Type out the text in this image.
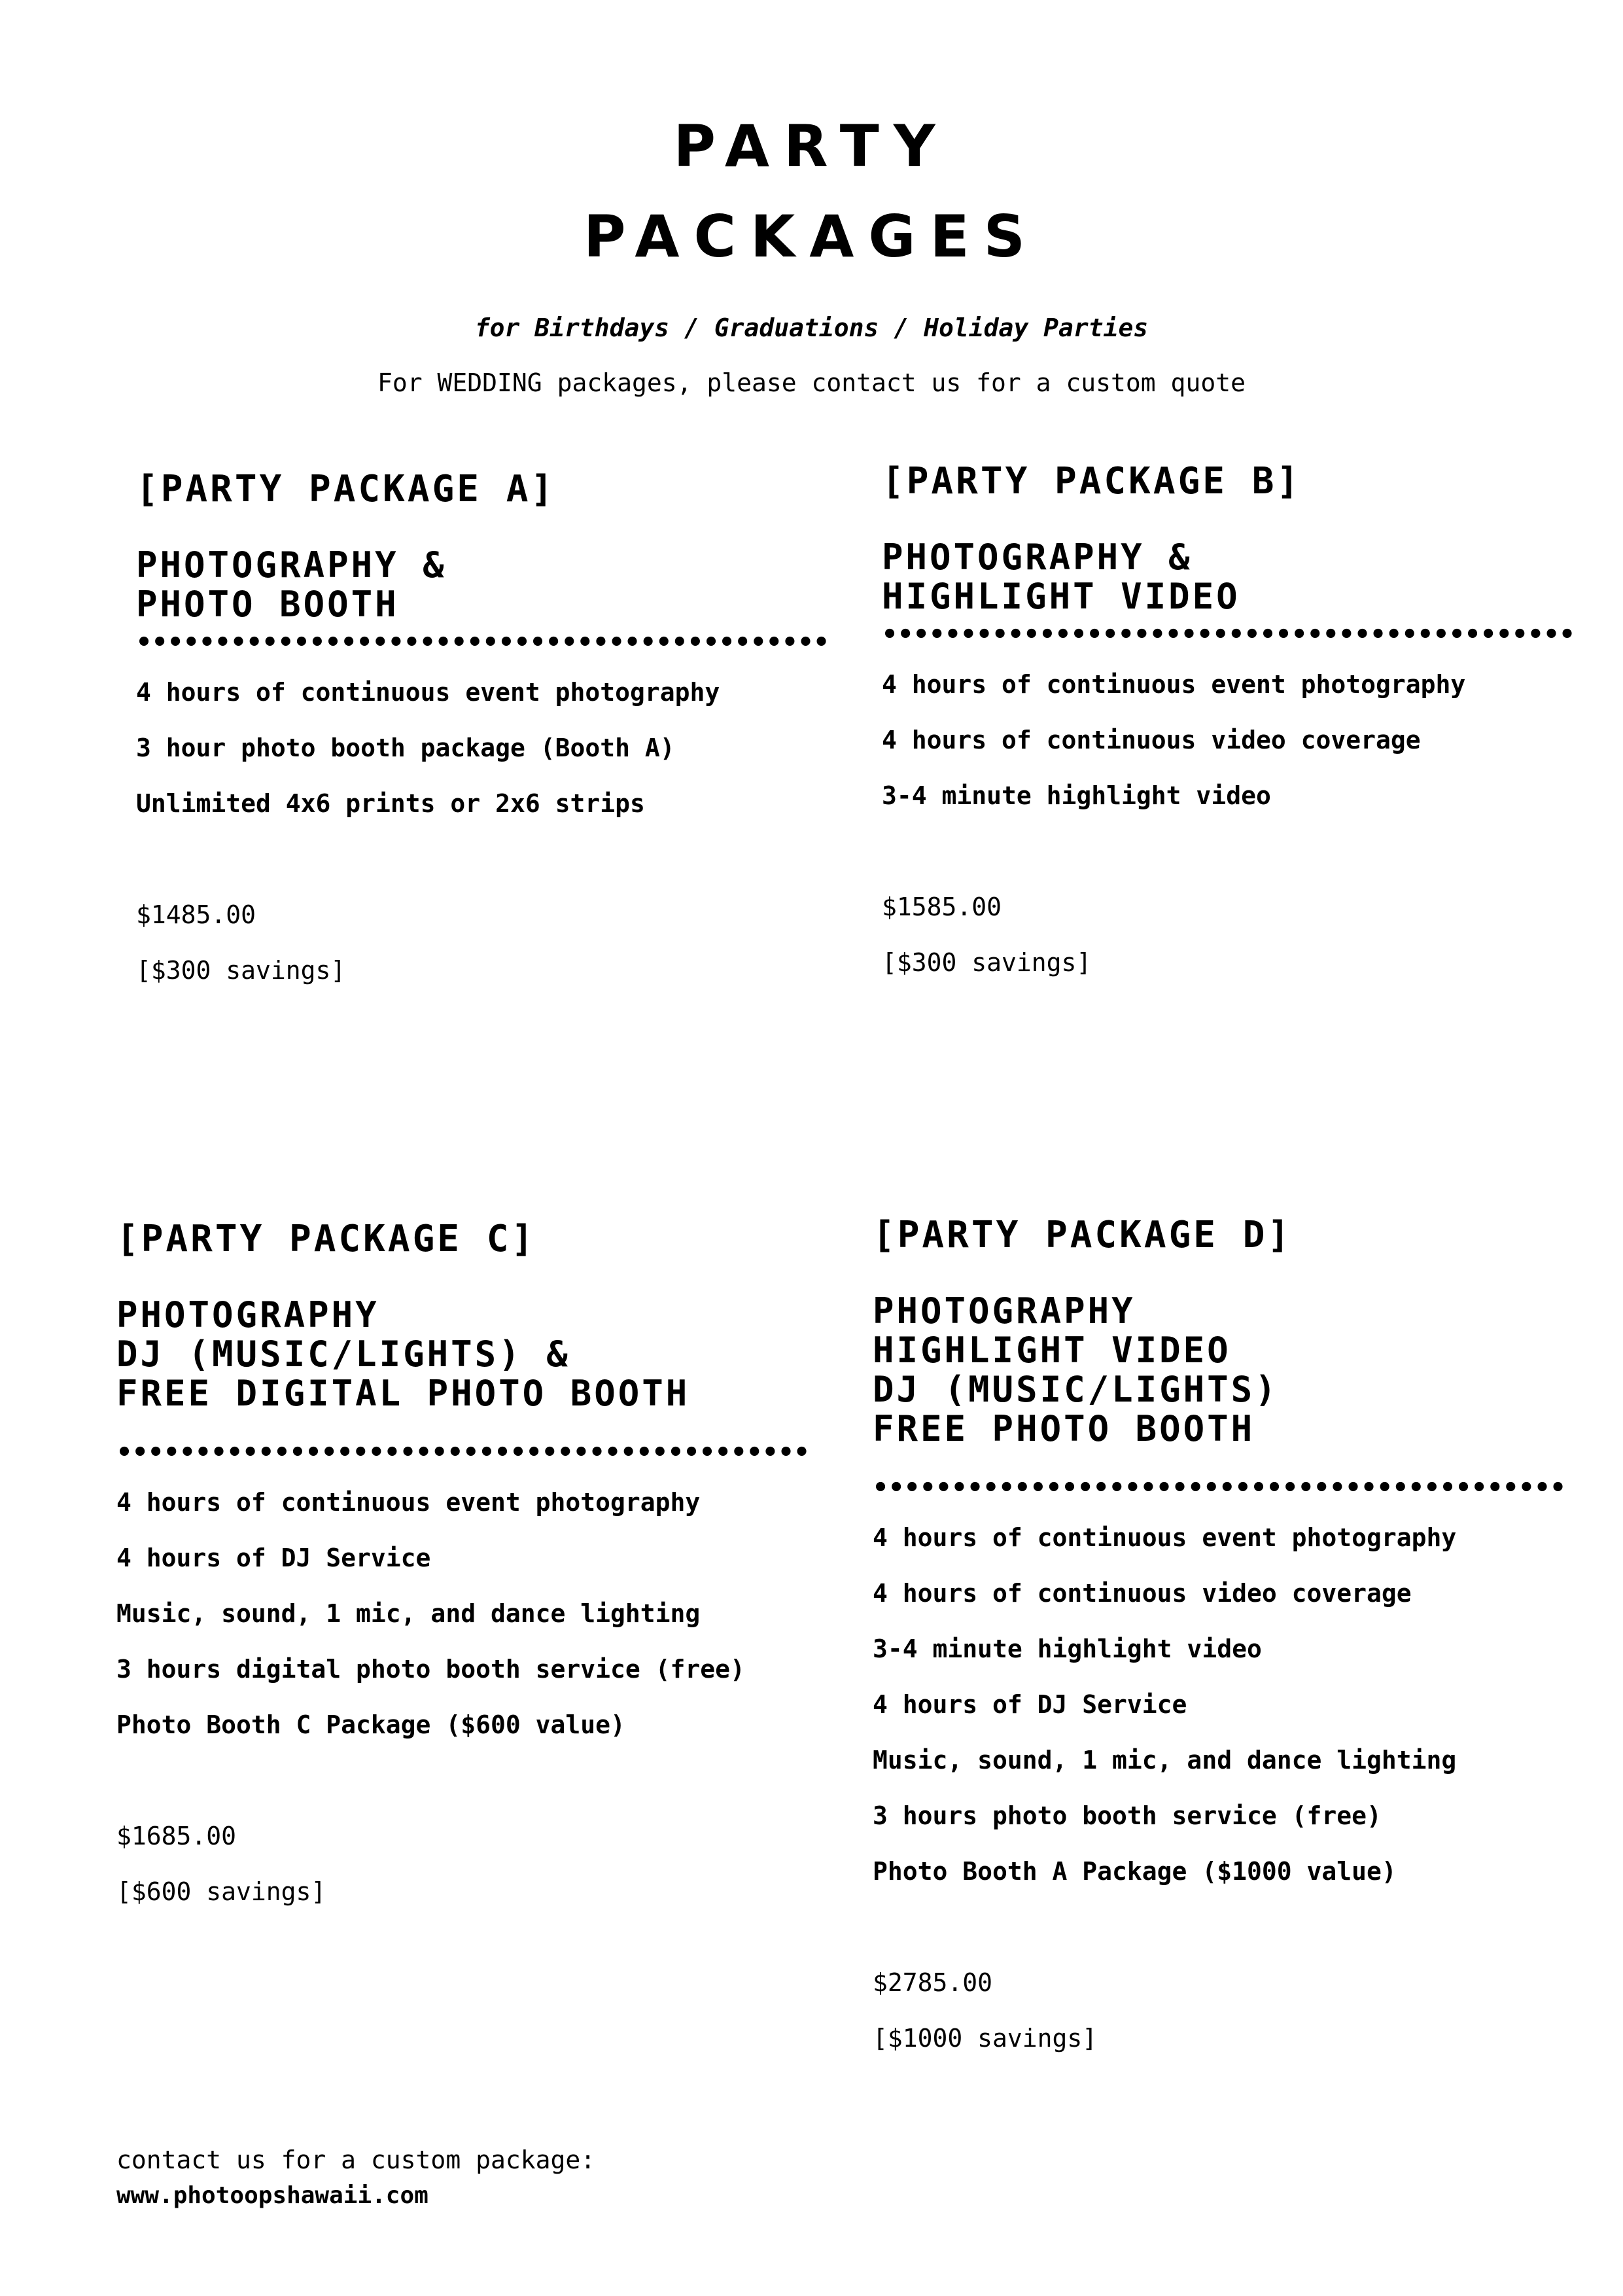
PARTY
PACKAGES
for Birthdays / Graduations / Holiday Parties
For WEDDING packages, please contact us for a custom quote
[PARTY PACKAGE A]
PHOTOGRAPHY &
PHOTO BOOTH
••••••••••••••••••••••••••••••••••••••••••••
4 hours of continuous event photography
3 hour photo booth package (Booth A)
Unlimited 4x6 prints or 2x6 strips
$1485.00
[$300 savings]
[PARTY PACKAGE B]
PHOTOGRAPHY &
HIGHLIGHT VIDEO
••••••••••••••••••••••••••••••••••••••••••••
4 hours of continuous event photography
4 hours of continuous video coverage
3-4 minute highlight video
$1585.00
[$300 savings]
[PARTY PACKAGE C]
PHOTOGRAPHY
DJ (MUSIC/LIGHTS) &
FREE DIGITAL PHOTO BOOTH
••••••••••••••••••••••••••••••••••••••••••••
4 hours of continuous event photography
4 hours of DJ Service
Music, sound, 1 mic, and dance lighting
3 hours digital photo booth service (free)
Photo Booth C Package ($600 value)
$1685.00
[$600 savings]
[PARTY PACKAGE D]
PHOTOGRAPHY
HIGHLIGHT VIDEO
DJ (MUSIC/LIGHTS)
FREE PHOTO BOOTH
••••••••••••••••••••••••••••••••••••••••••••
4 hours of continuous event photography
4 hours of continuous video coverage
3-4 minute highlight video
4 hours of DJ Service
Music, sound, 1 mic, and dance lighting
3 hours photo booth service (free)
Photo Booth A Package ($1000 value)
$2785.00
[$1000 savings]
contact us for a custom package:
www.photoopshawaii.com
